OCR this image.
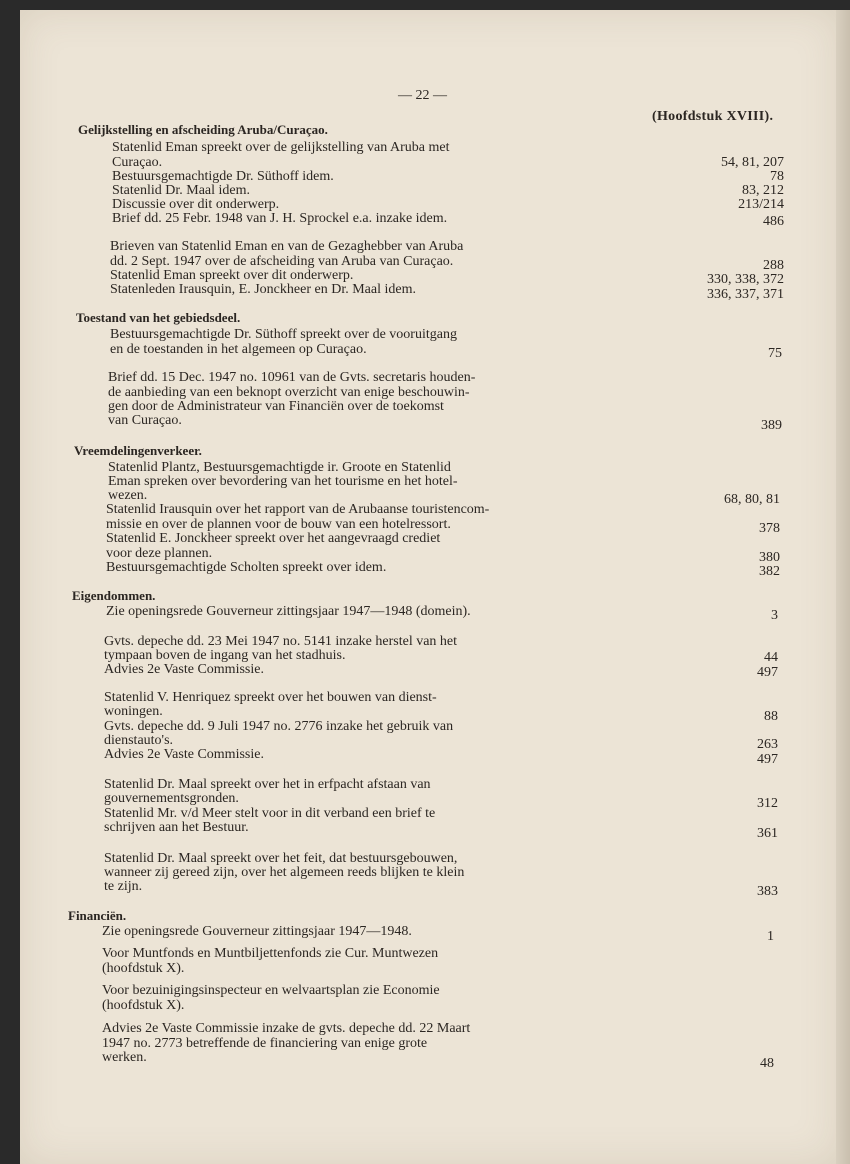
— 22 —
(Hoofdstuk XVIII).
Gelijkstelling en afscheiding Aruba/Curaçao.
Toestand van het gebiedsdeel.
Vreemdelingenverkeer.
Eigendommen.
Financiën.
Statenlid Eman spreekt over de gelijkstelling van Aruba met
Curaçao.
Bestuursgemachtigde Dr. Süthoff idem.
Statenlid Dr. Maal idem.
Discussie over dit onderwerp.
Brief dd. 25 Febr. 1948 van J. H. Sprockel e.a. inzake idem.
Brieven van Statenlid Eman en van de Gezaghebber van Aruba
dd. 2 Sept. 1947 over de afscheiding van Aruba van Curaçao.
Statenlid Eman spreekt over dit onderwerp.
Statenleden Irausquin, E. Jonckheer en Dr. Maal idem.
Bestuursgemachtigde Dr. Süthoff spreekt over de vooruitgang
en de toestanden in het algemeen op Curaçao.
Brief dd. 15 Dec. 1947 no. 10961 van de Gvts. secretaris houden-
de aanbieding van een beknopt overzicht van enige beschouwin-
gen door de Administrateur van Financiën over de toekomst
van Curaçao.
Statenlid Plantz, Bestuursgemachtigde ir. Groote en Statenlid
Eman spreken over bevordering van het tourisme en het hotel-
wezen.
Statenlid Irausquin over het rapport van de Arubaanse touristencom-
missie en over de plannen voor de bouw van een hotelressort.
Statenlid E. Jonckheer spreekt over het aangevraagd crediet
voor deze plannen.
Bestuursgemachtigde Scholten spreekt over idem.
Zie openingsrede Gouverneur zittingsjaar 1947—1948 (domein).
Gvts. depeche dd. 23 Mei 1947 no. 5141 inzake herstel van het
tympaan boven de ingang van het stadhuis.
Advies 2e Vaste Commissie.
Statenlid V. Henriquez spreekt over het bouwen van dienst-
woningen.
Gvts. depeche dd. 9 Juli 1947 no. 2776 inzake het gebruik van
dienstauto's.
Advies 2e Vaste Commissie.
Statenlid Dr. Maal spreekt over het in erfpacht afstaan van
gouvernementsgronden.
Statenlid Mr. v/d Meer stelt voor in dit verband een brief te
schrijven aan het Bestuur.
Statenlid Dr. Maal spreekt over het feit, dat bestuursgebouwen,
wanneer zij gereed zijn, over het algemeen reeds blijken te klein
te zijn.
Zie openingsrede Gouverneur zittingsjaar 1947—1948.
Voor Muntfonds en Muntbiljettenfonds zie Cur. Muntwezen
(hoofdstuk X).
Voor bezuinigingsinspecteur en welvaartsplan zie Economie
(hoofdstuk X).
Advies 2e Vaste Commissie inzake de gvts. depeche dd. 22 Maart
1947 no. 2773 betreffende de financiering van enige grote
werken.
54, 81, 207
78
83, 212
213/214
486
288
330, 338, 372
336, 337, 371
75
389
68, 80, 81
378
380
382
3
44
497
88
263
497
312
361
383
1
48
